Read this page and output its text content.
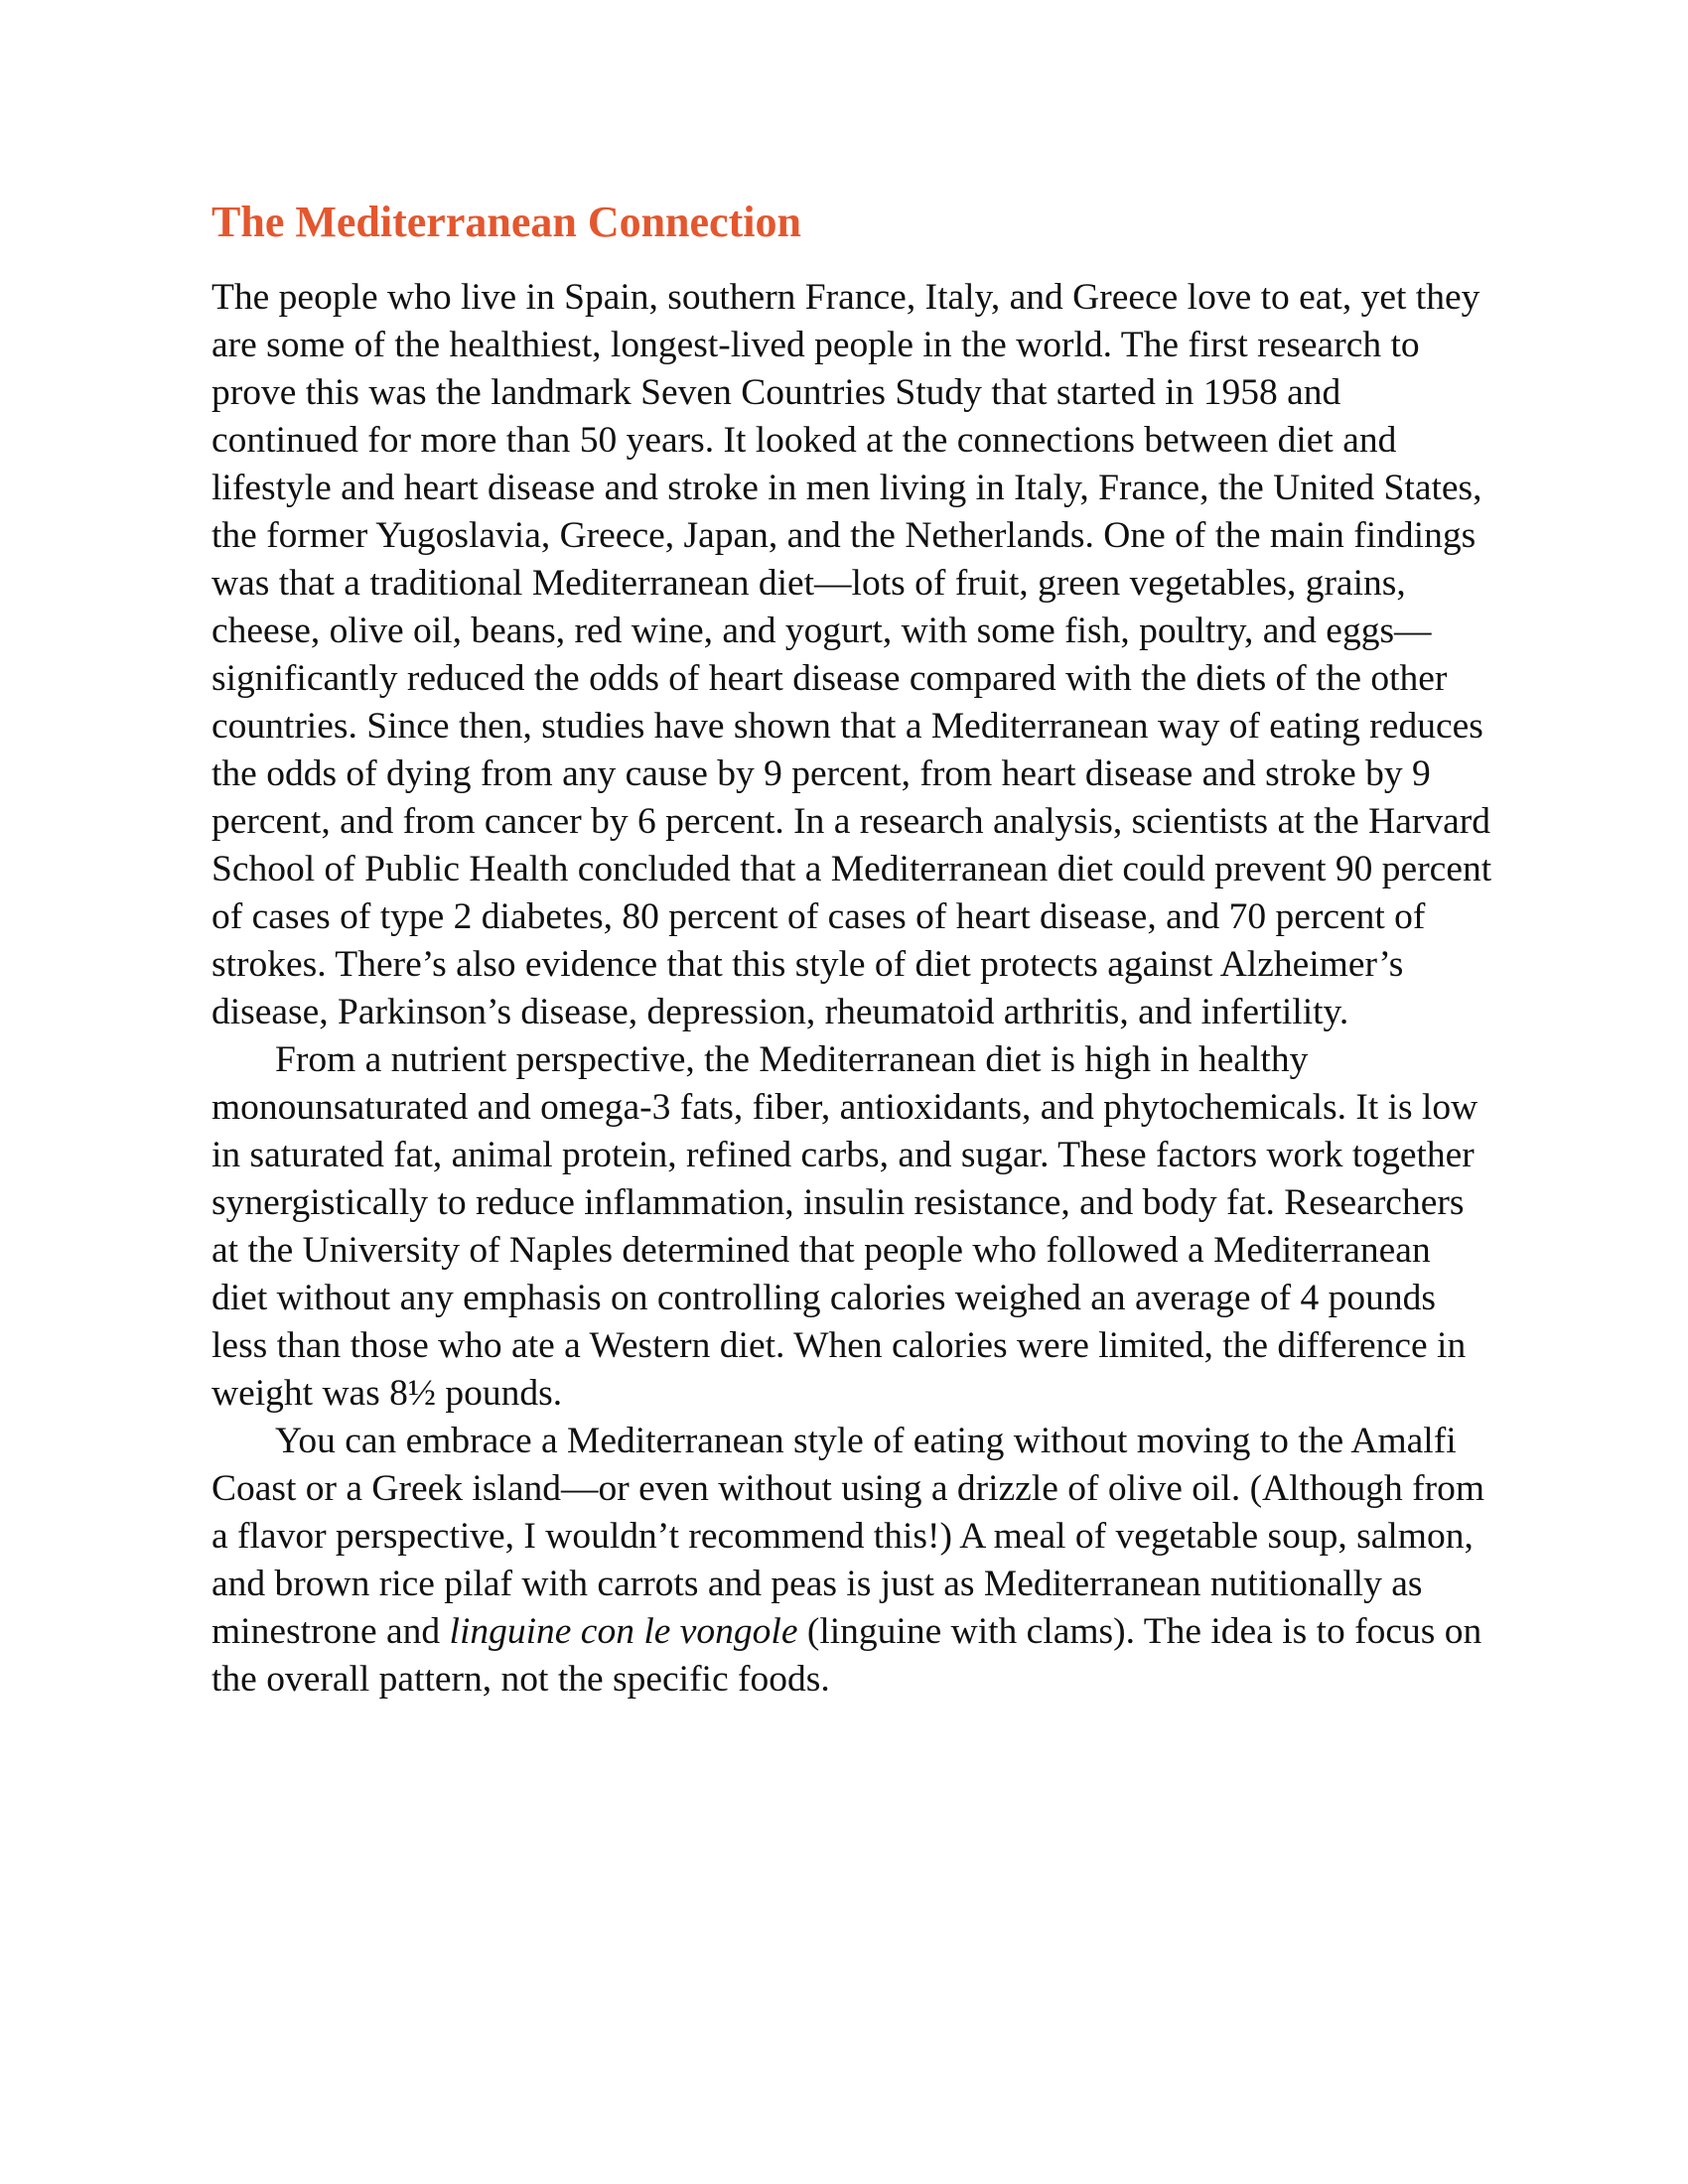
The Mediterranean Connection

The people who live in Spain, southern France, Italy, and Greece love to eat, yet they are some of the healthiest, longest-lived people in the world. The first research to prove this was the landmark Seven Countries Study that started in 1958 and continued for more than 50 years. It looked at the connections between diet and lifestyle and heart disease and stroke in men living in Italy, France, the United States, the former Yugoslavia, Greece, Japan, and the Netherlands. One of the main findings was that a traditional Mediterranean diet—lots of fruit, green vegetables, grains, cheese, olive oil, beans, red wine, and yogurt, with some fish, poultry, and eggs—significantly reduced the odds of heart disease compared with the diets of the other countries. Since then, studies have shown that a Mediterranean way of eating reduces the odds of dying from any cause by 9 percent, from heart disease and stroke by 9 percent, and from cancer by 6 percent. In a research analysis, scientists at the Harvard School of Public Health concluded that a Mediterranean diet could prevent 90 percent of cases of type 2 diabetes, 80 percent of cases of heart disease, and 70 percent of strokes. There’s also evidence that this style of diet protects against Alzheimer’s disease, Parkinson’s disease, depression, rheumatoid arthritis, and infertility.

From a nutrient perspective, the Mediterranean diet is high in healthy monounsaturated and omega-3 fats, fiber, antioxidants, and phytochemicals. It is low in saturated fat, animal protein, refined carbs, and sugar. These factors work together synergistically to reduce inflammation, insulin resistance, and body fat. Researchers at the University of Naples determined that people who followed a Mediterranean diet without any emphasis on controlling calories weighed an average of 4 pounds less than those who ate a Western diet. When calories were limited, the difference in weight was 8½ pounds.

You can embrace a Mediterranean style of eating without moving to the Amalfi Coast or a Greek island—or even without using a drizzle of olive oil. (Although from a flavor perspective, I wouldn’t recommend this!) A meal of vegetable soup, salmon, and brown rice pilaf with carrots and peas is just as Mediterranean nutitionally as minestrone and linguine con le vongole (linguine with clams). The idea is to focus on the overall pattern, not the specific foods.
